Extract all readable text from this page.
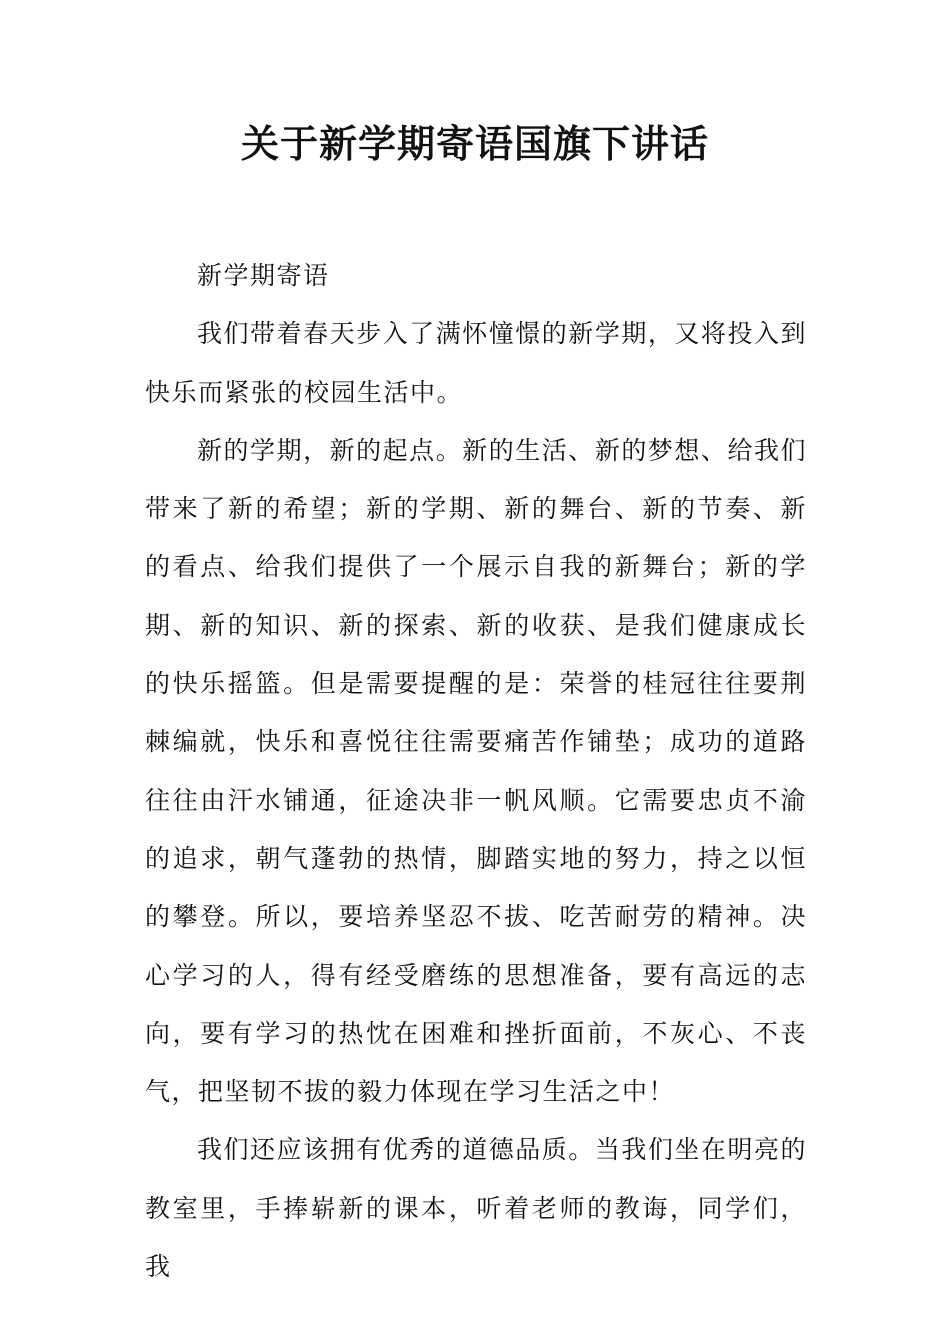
关于新学期寄语国旗下讲话

新学期寄语

我们带着春天步入了满怀憧憬的新学期，又将投入到快乐而紧张的校园生活中。

新的学期，新的起点。新的生活、新的梦想、给我们带来了新的希望；新的学期、新的舞台、新的节奏、新的看点、给我们提供了一个展示自我的新舞台；新的学期、新的知识、新的探索、新的收获、是我们健康成长的快乐摇篮。但是需要提醒的是：荣誉的桂冠往往要荆棘编就，快乐和喜悦往往需要痛苦作铺垫；成功的道路往往由汗水铺通，征途决非一帆风顺。它需要忠贞不渝的追求，朝气蓬勃的热情，脚踏实地的努力，持之以恒的攀登。所以，要培养坚忍不拔、吃苦耐劳的精神。决心学习的人，得有经受磨练的思想准备，要有高远的志向，要有学习的热忱在困难和挫折面前，不灰心、不丧气，把坚韧不拔的毅力体现在学习生活之中！

我们还应该拥有优秀的道德品质。当我们坐在明亮的教室里，手捧崭新的课本，听着老师的教诲，同学们，我
